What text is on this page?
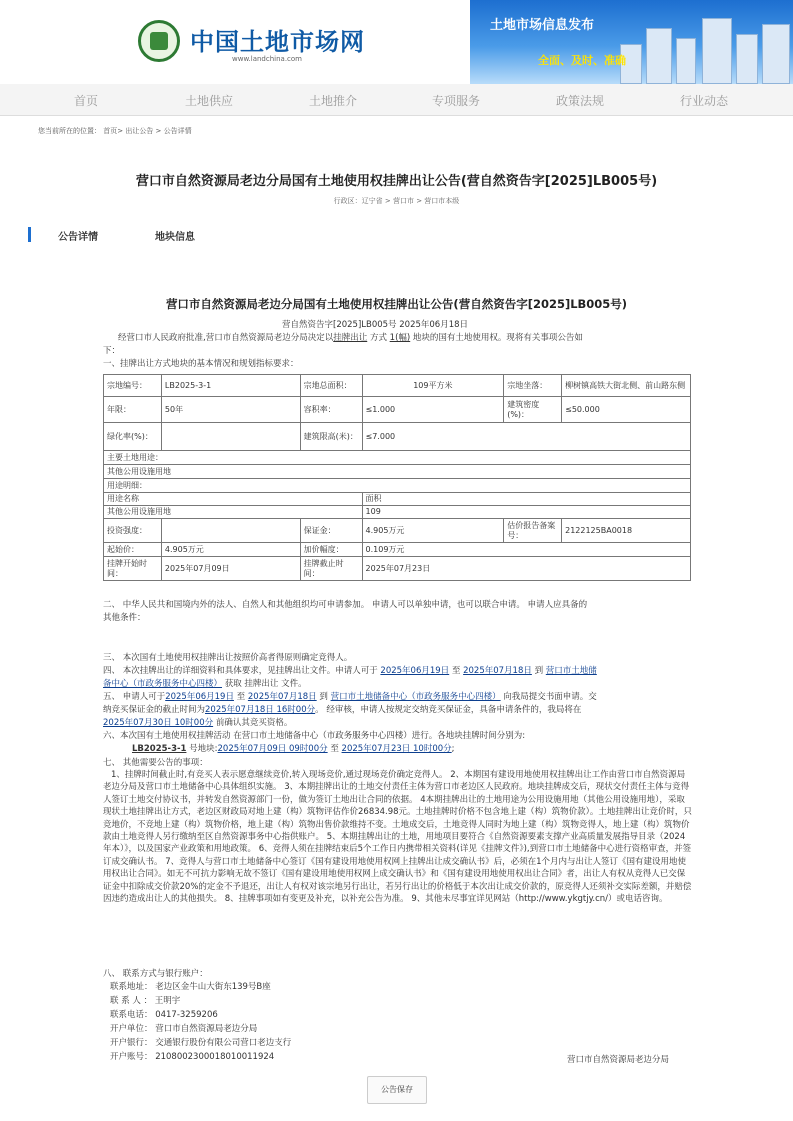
中国土地市场网
www.landchina.com
土地市场信息发布
全面、及时、准确
首页	土地供应	土地推介	专项服务	政策法规	行业动态
您当前所在的位置： 首页> 出让公告 > 公告详情
营口市自然资源局老边分局国有土地使用权挂牌出让公告(营自然资告字[2025]LB005号)
行政区：辽宁省 > 营口市 > 营口市本级
公告详情	地块信息
营口市自然资源局老边分局国有土地使用权挂牌出让公告(营自然资告字[2025]LB005号)
营自然资告字[2025]LB005号 2025年06月18日
经营口市人民政府批准,营口市自然资源局老边分局决定以挂牌出让 方式 1(幅) 地块的国有土地使用权。现将有关事项公告如
下：
一、挂牌出让方式地块的基本情况和规划指标要求：
宗地编号：	LB2025-3-1	宗地总面积：	109平方米	宗地坐落：	柳树镇高铁大街北侧、前山路东侧
年限：	50年	容积率：	≤1.000	建筑密度(%)：	≤50.000
绿化率(%)：		建筑限高(米)：	≤7.000		
主要土地用途：					
其他公用设施用地					
用途明细：					
用途名称			面积		
其他公用设施用地			109		
投资强度：		保证金：	4.905万元	估价报告备案号：	2122125BA0018
起始价：	4.905万元	加价幅度：	0.109万元		
挂牌开始时间：	2025年07月09日	挂牌截止时间：	2025年07月23日		
二、 中华人民共和国境内外的法人、自然人和其他组织均可申请参加。 申请人可以单独申请，也可以联合申请。 申请人应具备的
其他条件：
三、 本次国有土地使用权挂牌出让按照价高者得原则确定竞得人。
四、 本次挂牌出让的详细资料和具体要求，见挂牌出让文件。申请人可于 2025年06月19日 至 2025年07月18日 到 营口市土地储
备中心（市政务服务中心四楼） 获取 挂牌出让 文件。
五、 申请人可于2025年06月19日 至 2025年07月18日 到 营口市土地储备中心（市政务服务中心四楼） 向我局提交书面申请。交
纳竞买保证金的截止时间为2025年07月18日 16时00分。 经审核，申请人按规定交纳竞买保证金，具备申请条件的，我局将在
2025年07月30日 10时00分 前确认其竞买资格。
六、本次国有土地使用权挂牌活动 在营口市土地储备中心（市政务服务中心四楼）进行。各地块挂牌时间分别为:
LB2025-3-1 号地块:2025年07月09日 09时00分 至 2025年07月23日 10时00分;
七、 其他需要公告的事项：
1、挂牌时间截止时,有竞买人表示愿意继续竞价,转入现场竞价,通过现场竞价确定竞得人。 2、本期国有建设用地使用权挂牌出让工作由营口市自然资源局老边分局及营口市土地储备中心具体组织实施。 3、本期挂牌出让的土地交付责任主体为营口市老边区人民政府。地块挂牌成交后，现状交付责任主体与竞得人签订土地交付协议书，并转发自然资源部门一份，做为签订土地出让合同的依据。 4本期挂牌出让的土地用途为公用设施用地（其他公用设施用地），采取现状土地挂牌出让方式，老边区财政局对地上建（构）筑物评估作价26834.98元。土地挂牌时价格不包含地上建（构）筑物价款）。土地挂牌出让竞价时，只竞地价，不竞地上建（构）筑物价格，地上建（构）筑物出售价款维持不变。土地成交后，土地竞得人同时为地上建（构）筑物竞得人，地上建（构）筑物价款由土地竞得人另行缴纳至区自然资源事务中心指供账户。 5、本期挂牌出让的土地，用地项目要符合《自然资源要素支撑产业高质量发展指导目录（2024年本）》，以及国家产业政策和用地政策。 6、竞得人须在挂牌结束后5个工作日内携带相关资料(详见《挂牌文件》),到营口市土地储备中心进行资格审查，并签订成交确认书。 7、竞得人与营口市土地储备中心签订《国有建设用地使用权网上挂牌出让成交确认书》后，必须在1个月内与出让人签订《国有建设用地使用权出让合同》。如无不可抗力影响无故不签订《国有建设用地使用权网上成交确认书》和《国有建设用地使用权出让合同》者，出让人有权从竞得人已交保证金中扣除成交价款20%的定金不予退还，出让人有权对该宗地另行出让，若另行出让的价格低于本次出让成交价款的，原竞得人还须补交实际差额，并赔偿因违约造成出让人的其他损失。 8、挂牌事项如有变更及补充，以补充公告为准。 9、其他未尽事宜详见网站（http://www.ykgtjy.cn/）或电话咨询。
八、 联系方式与银行账户：
联系地址： 老边区金牛山大街东139号B座
联 系 人 ： 王明宇
联系电话： 0417-3259206
开户单位： 营口市自然资源局老边分局
开户银行： 交通银行股份有限公司营口老边支行
开户账号： 210800230001801001​1924	营口市自然资源局老边分局
公告保存
